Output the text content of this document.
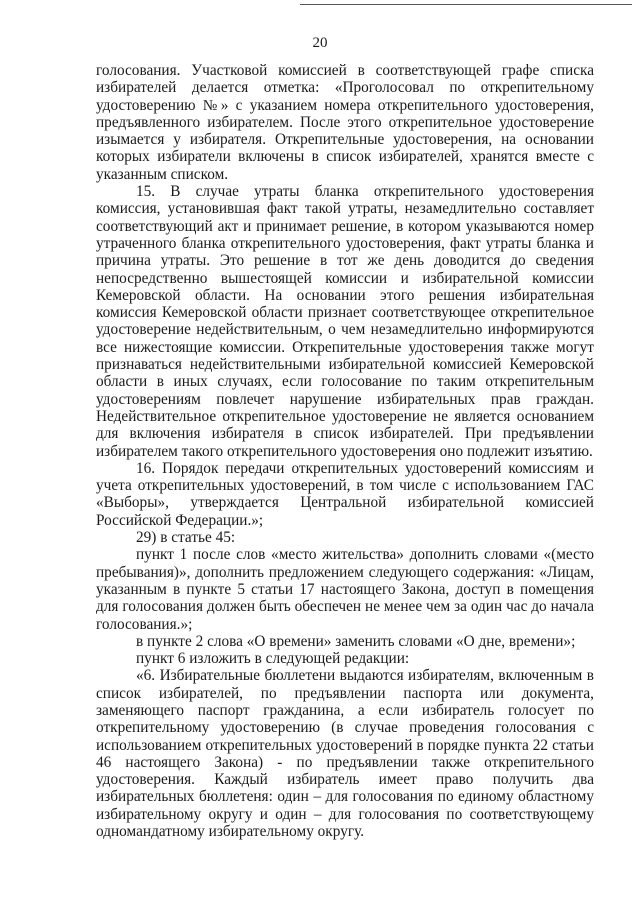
20

голосования. Участковой комиссией в соответствующей графе списка избирателей делается отметка: «Проголосовал по открепительному удостоверению №» с указанием номера открепительного удостоверения, предъявленного избирателем. После этого открепительное удостоверение изымается у избирателя. Открепительные удостоверения, на основании которых избиратели включены в список избирателей, хранятся вместе с указанным списком.

15. В случае утраты бланка открепительного удостоверения комиссия, установившая факт такой утраты, незамедлительно составляет соответствующий акт и принимает решение, в котором указываются номер утраченного бланка открепительного удостоверения, факт утраты бланка и причина утраты. Это решение в тот же день доводится до сведения непосредственно вышестоящей комиссии и избирательной комиссии Кемеровской области. На основании этого решения избирательная комиссия Кемеровской области признает соответствующее открепительное удостоверение недействительным, о чем незамедлительно информируются все нижестоящие комиссии. Открепительные удостоверения также могут признаваться недействительными избирательной комиссией Кемеровской области в иных случаях, если голосование по таким открепительным удостоверениям повлечет нарушение избирательных прав граждан. Недействительное открепительное удостоверение не является основанием для включения избирателя в список избирателей. При предъявлении избирателем такого открепительного удостоверения оно подлежит изъятию.

16. Порядок передачи открепительных удостоверений комиссиям и учета открепительных удостоверений, в том числе с использованием ГАС «Выборы», утверждается Центральной избирательной комиссией Российской Федерации.»;

29) в статье 45:

пункт 1 после слов «место жительства» дополнить словами «(место пребывания)», дополнить предложением следующего содержания: «Лицам, указанным в пункте 5 статьи 17 настоящего Закона, доступ в помещения для голосования должен быть обеспечен не менее чем за один час до начала голосования.»;

в пункте 2 слова «О времени» заменить словами «О дне, времени»;

пункт 6 изложить в следующей редакции:

«6. Избирательные бюллетени выдаются избирателям, включенным в список избирателей, по предъявлении паспорта или документа, заменяющего паспорт гражданина, а если избиратель голосует по открепительному удостоверению (в случае проведения голосования с использованием открепительных удостоверений в порядке пункта 22 статьи 46 настоящего Закона) - по предъявлении также открепительного удостоверения. Каждый избиратель имеет право получить два избирательных бюллетеня: один – для голосования по единому областному избирательному округу и один – для голосования по соответствующему одномандатному избирательному округу.
